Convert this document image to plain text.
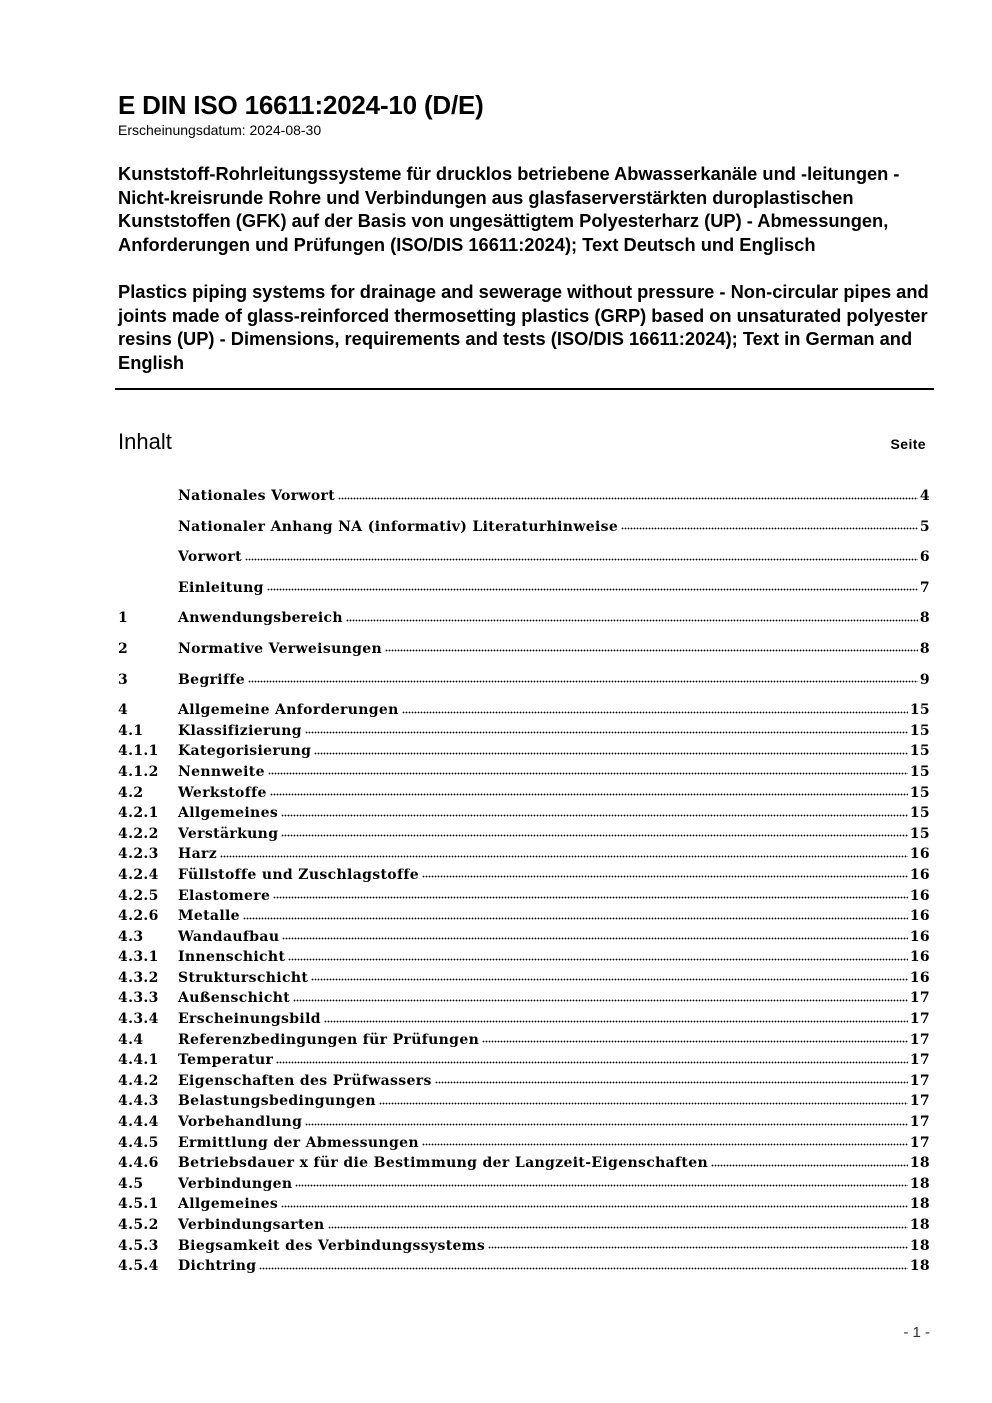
E DIN ISO 16611:2024-10 (D/E)
Erscheinungsdatum: 2024-08-30
Kunststoff-Rohrleitungssysteme für drucklos betriebene Abwasserkanäle und -leitungen - Nicht-kreisrunde Rohre und Verbindungen aus glasfaserverstärkten duroplastischen Kunststoffen (GFK) auf der Basis von ungesättigtem Polyesterharz (UP) - Abmessungen, Anforderungen und Prüfungen (ISO/DIS 16611:2024); Text Deutsch und Englisch
Plastics piping systems for drainage and sewerage without pressure - Non-circular pipes and joints made of glass-reinforced thermosetting plastics (GRP) based on unsaturated polyester resins (UP) - Dimensions, requirements and tests (ISO/DIS 16611:2024); Text in German and English
Inhalt	Seite
Nationales Vorwort	4
Nationaler Anhang NA (informativ) Literaturhinweise	5
Vorwort	6
Einleitung	7
1	Anwendungsbereich	8
2	Normative Verweisungen	8
3	Begriffe	9
4	Allgemeine Anforderungen	15
4.1	Klassifizierung	15
4.1.1	Kategorisierung	15
4.1.2	Nennweite	15
4.2	Werkstoffe	15
4.2.1	Allgemeines	15
4.2.2	Verstärkung	15
4.2.3	Harz	16
4.2.4	Füllstoffe und Zuschlagstoffe	16
4.2.5	Elastomere	16
4.2.6	Metalle	16
4.3	Wandaufbau	16
4.3.1	Innenschicht	16
4.3.2	Strukturschicht	16
4.3.3	Außenschicht	17
4.3.4	Erscheinungsbild	17
4.4	Referenzbedingungen für Prüfungen	17
4.4.1	Temperatur	17
4.4.2	Eigenschaften des Prüfwassers	17
4.4.3	Belastungsbedingungen	17
4.4.4	Vorbehandlung	17
4.4.5	Ermittlung der Abmessungen	17
4.4.6	Betriebsdauer x für die Bestimmung der Langzeit-Eigenschaften	18
4.5	Verbindungen	18
4.5.1	Allgemeines	18
4.5.2	Verbindungsarten	18
4.5.3	Biegsamkeit des Verbindungssystems	18
4.5.4	Dichtring	18
- 1 -
